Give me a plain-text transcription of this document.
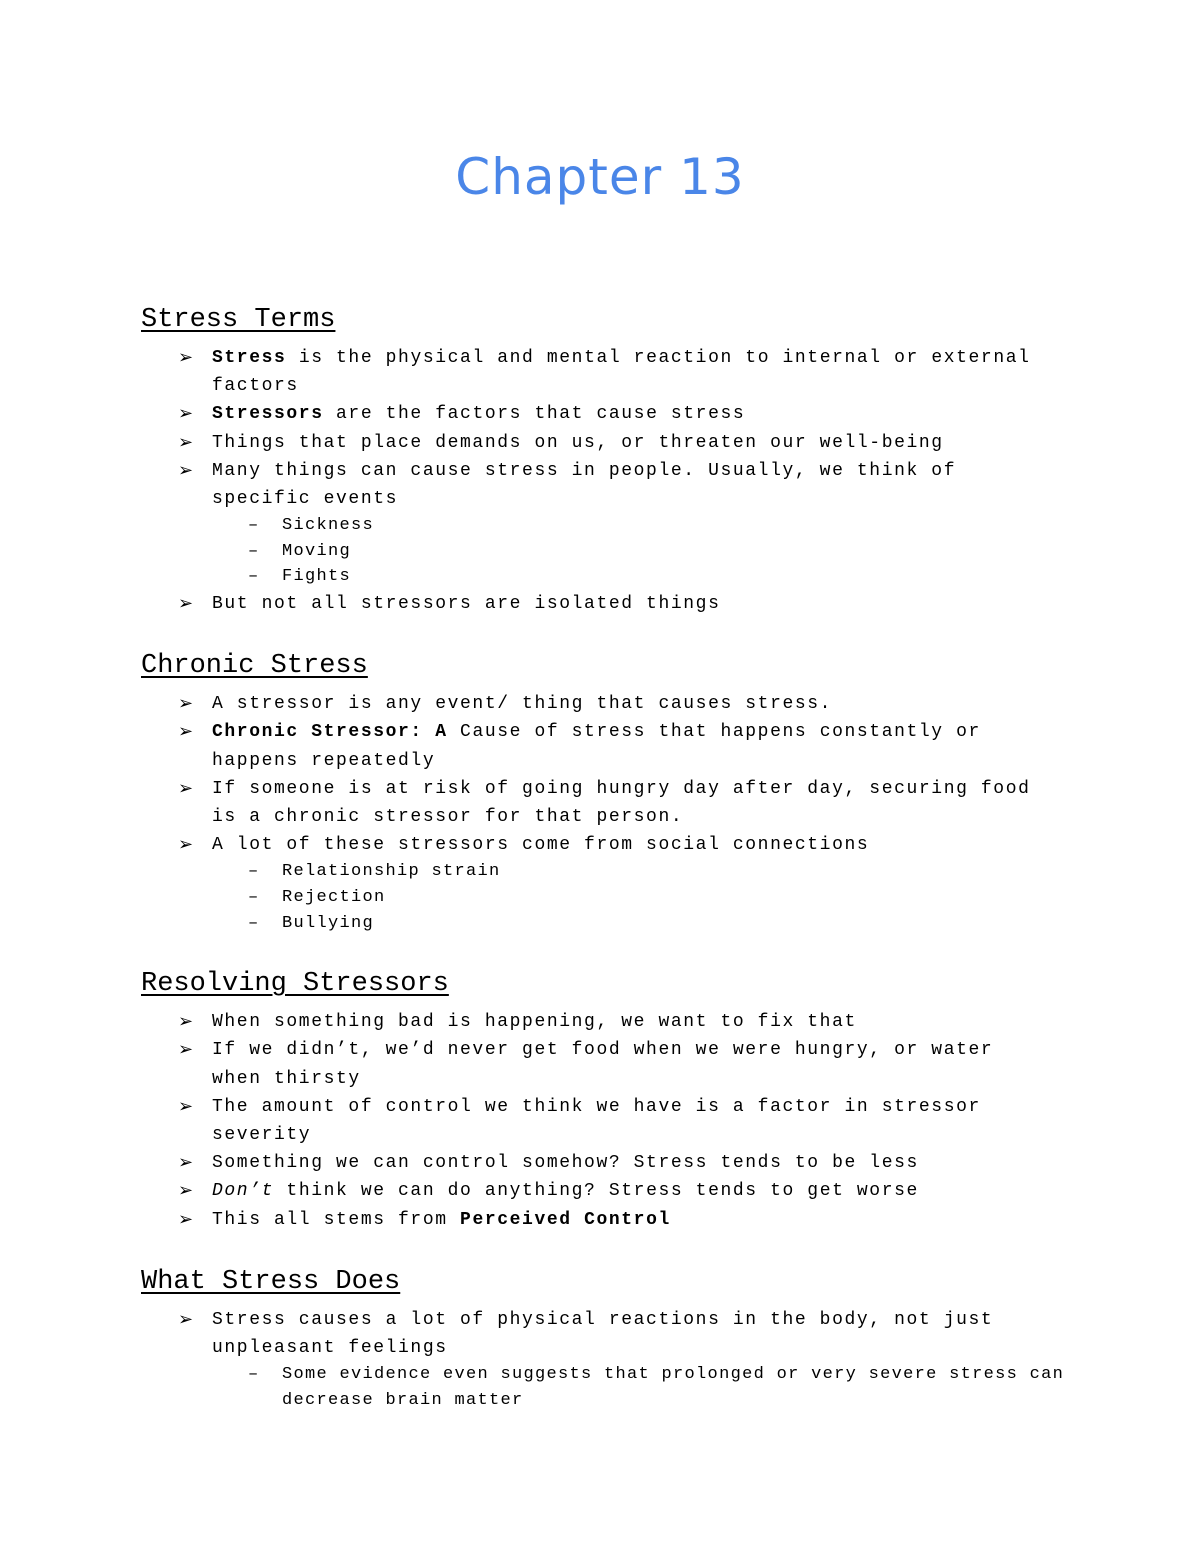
Chapter 13
Stress Terms
➢ Stress is the physical and mental reaction to internal or external factors
➢ Stressors are the factors that cause stress
➢ Things that place demands on us, or threaten our well-being
➢ Many things can cause stress in people. Usually, we think of specific events
– Sickness
– Moving
– Fights
➢ But not all stressors are isolated things
Chronic Stress
➢ A stressor is any event/ thing that causes stress.
➢ Chronic Stressor: A Cause of stress that happens constantly or happens repeatedly
➢ If someone is at risk of going hungry day after day, securing food is a chronic stressor for that person.
➢ A lot of these stressors come from social connections
– Relationship strain
– Rejection
– Bullying
Resolving Stressors
➢ When something bad is happening, we want to fix that
➢ If we didn’t, we’d never get food when we were hungry, or water when thirsty
➢ The amount of control we think we have is a factor in stressor severity
➢ Something we can control somehow? Stress tends to be less
➢ Don’t think we can do anything? Stress tends to get worse
➢ This all stems from Perceived Control
What Stress Does
➢ Stress causes a lot of physical reactions in the body, not just unpleasant feelings
– Some evidence even suggests that prolonged or very severe stress can decrease brain matter
